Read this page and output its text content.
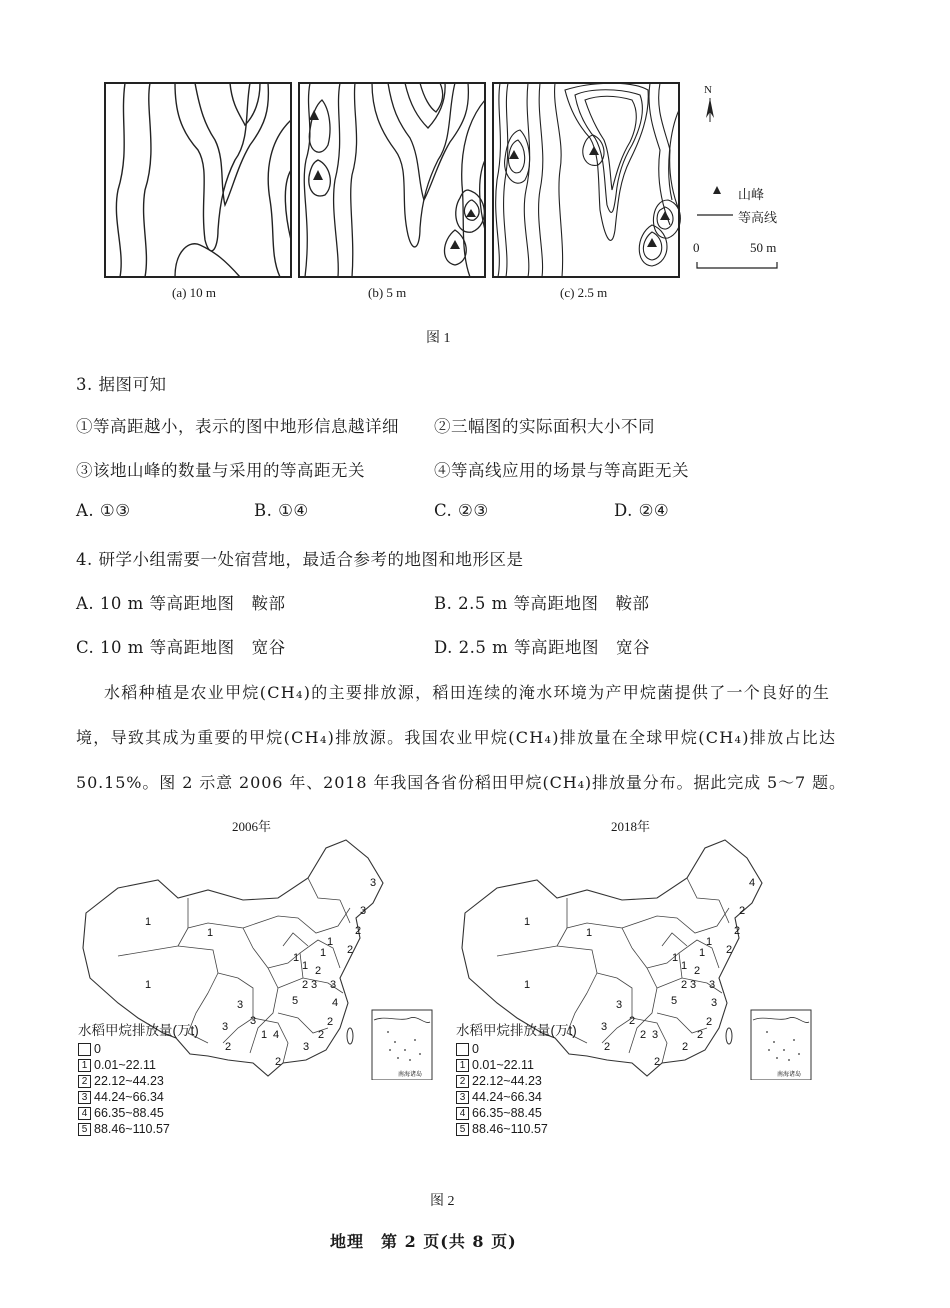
(a) 10 m	(b) 5 m	(c) 2.5 m
N
山峰
等高线
0	50 m
图 1
3. 据图可知
①等高距越小，表示的图中地形信息越详细 ②三幅图的实际面积大小不同
③该地山峰的数量与采用的等高距无关	④等高线应用的场景与等高距无关
A. ①③	B. ①④	C. ②③	D. ②④
4. 研学小组需要一处宿营地，最适合参考的地图和地形区是
A. 10 m 等高距地图　鞍部	B. 2.5 m 等高距地图　鞍部
C. 10 m 等高距地图　宽谷	D. 2.5 m 等高距地图　宽谷
水稻种植是农业甲烷(CH₄)的主要排放源，稻田连续的淹水环境为产甲烷菌提供了一个良好的生
境，导致其成为重要的甲烷(CH₄)排放源。我国农业甲烷(CH₄)排放量在全球甲烷(CH₄)排放占比达
50.15%。图 2 示意 2006 年、2018 年我国各省份稻田甲烷(CH₄)排放量分布。据此完成 5～7 题。
2006年
1
1
1
3
3
2
2
1
1 2
1 1
2
3
3
1
5	4
2
2
4
3
2	3
3
2
3
南海诸岛
2018年
1
1
1
4
2
2
2
1
1 2
1 1
2
3
2
2
5	3
2
2
3
3
2	2
3
2
3
南海诸岛
水稻甲烷排放量(万t)
0
1 0.01~22.11
2 22.12~44.23
3 44.24~66.34
4 66.35~88.45
5 88.46~110.57
水稻甲烷排放量(万t)
0
1 0.01~22.11
2 22.12~44.23
3 44.24~66.34
4 66.35~88.45
5 88.46~110.57
图 2
地理　第 2 页(共 8 页)
